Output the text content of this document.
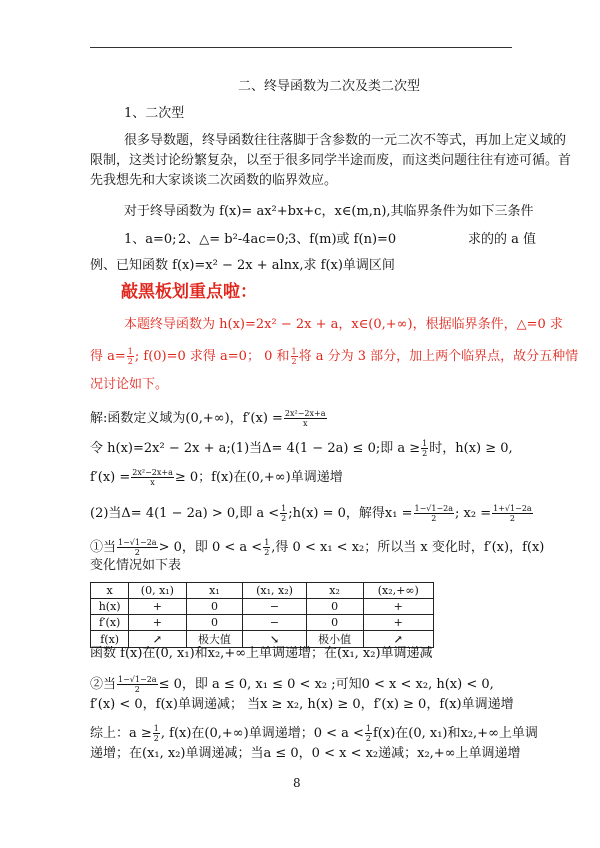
二、终导函数为二次及类二次型
1、二次型
很多导数题，终导函数往往落脚于含参数的一元二次不等式，再加上定义域的
限制，这类讨论纷繁复杂，以至于很多同学半途而废，而这类问题往往有迹可循。首
先我想先和大家谈谈二次函数的临界效应。
对于终导函数为 f(x)= ax²+bx+c，x∈(m,n),其临界条件为如下三条件
1、a=0; 2、△= b²-4ac=0;
3、f(m)或 f(n)=0	求的的 a 值
例、已知函数 f(x)=x² − 2x + alnx,求 f(x)单调区间
敲黑板划重点啦：
本题终导函数为 h(x)=2x² − 2x + a，x∈(0,+∞)，根据临界条件，△=0 求
得 $a= \frac{1}{2}$ ; f(0)=0 求得 a=0； 0 和 $\frac{1}{2}$ 将 a 分为 3 部分，加上两个临界点，故分五种情
况讨论如下。
解:函数定义域为(0,+∞)，$f'(x) = \frac{\text{2x²−2x+a}}{x}$
令 h(x)=2x² − 2x + a;(1)当Δ= 4(1 − 2a) ≤ 0;即 $a \ge \frac{1}{2}$ 时，h(x) ≥ 0,
$f'(x) = \frac{\text{2x²−2x+a}}{x} \ge 0$；f(x)在(0,+∞)单调递增
(2)当Δ= 4(1 − 2a) > 0,即 $a < \frac{1}{2}$ ;h(x) = 0，解得$x_1 = \frac{1-√1-2a}{2}$ ; $x_2 = \frac{1+√1-2a}{2}$
①当 $\frac{1-√1-2a}{2} > 0$，即 $0 < a < \frac{1}{2}$ ,得 0 < x₁ < x₂；所以当 x 变化时，f′(x)，f(x)
变化情况如下表
x	(0, x₁)	x₁	(x₁, x₂)	x₂	(x₂,+∞)
h(x)	+	0	−	0	+
f′(x)	+	0	−	0	+
f(x)	↗	极大值	↘	极小值	↗
函数 f(x)在(0, x₁)和x₂,+∞上单调递增；在(x₁, x₂)单调递减
②当 $\frac{1-√1-2a}{2} \le 0$，即 a ≤ 0, x₁ ≤ 0 < x₂ ;可知0 < x < x₂, h(x) < 0,
f′(x) < 0，f(x)单调递减； 当x ≥ x₂, h(x) ≥ 0，f′(x) ≥ 0，f(x)单调递增
综上：$a \ge \frac{1}{2}$ , f(x)在(0,+∞)单调递增；$0 < a < \frac{1}{2} f(x)$在(0, x₁)和x₂,+∞上单调
递增；在(x₁, x₂)单调递减；当a ≤ 0，0 < x < x₂递减；x₂,+∞上单调递增
8
